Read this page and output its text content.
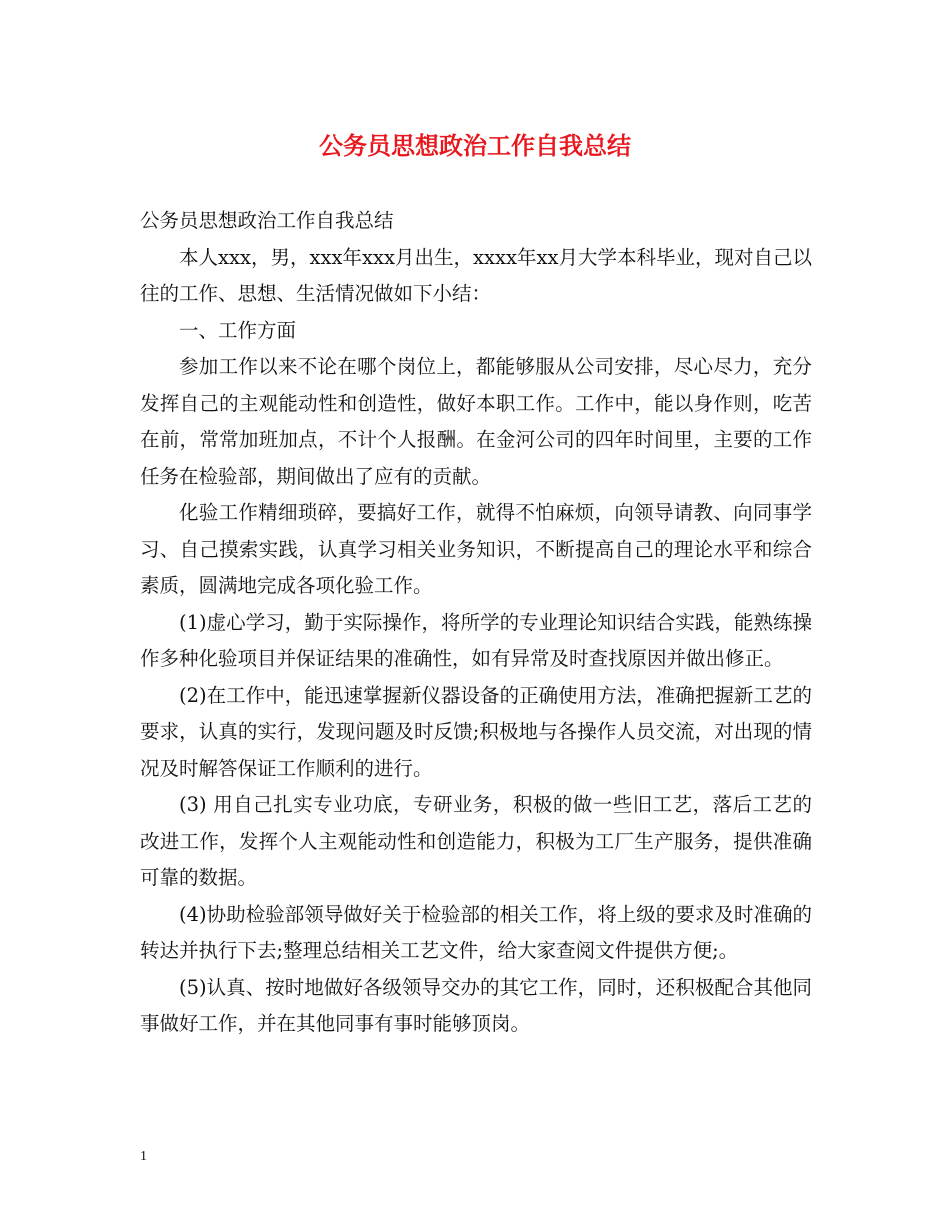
公务员思想政治工作自我总结

公务员思想政治工作自我总结

本人xxx，男，xxx年xxx月出生，xxxx年xx月大学本科毕业，现对自己以往的工作、思想、生活情况做如下小结：

一、工作方面

参加工作以来不论在哪个岗位上，都能够服从公司安排，尽心尽力，充分发挥自己的主观能动性和创造性，做好本职工作。工作中，能以身作则，吃苦在前，常常加班加点，不计个人报酬。在金河公司的四年时间里，主要的工作任务在检验部，期间做出了应有的贡献。

化验工作精细琐碎，要搞好工作，就得不怕麻烦，向领导请教、向同事学习、自己摸索实践，认真学习相关业务知识，不断提高自己的理论水平和综合素质，圆满地完成各项化验工作。

(1)虚心学习，勤于实际操作，将所学的专业理论知识结合实践，能熟练操作多种化验项目并保证结果的准确性，如有异常及时查找原因并做出修正。

(2)在工作中，能迅速掌握新仪器设备的正确使用方法，准确把握新工艺的要求，认真的实行，发现问题及时反馈;积极地与各操作人员交流，对出现的情况及时解答保证工作顺利的进行。

(3) 用自己扎实专业功底，专研业务，积极的做一些旧工艺，落后工艺的改进工作，发挥个人主观能动性和创造能力，积极为工厂生产服务，提供准确可靠的数据。

(4)协助检验部领导做好关于检验部的相关工作，将上级的要求及时准确的转达并执行下去;整理总结相关工艺文件，给大家查阅文件提供方便;。

(5)认真、按时地做好各级领导交办的其它工作，同时，还积极配合其他同事做好工作，并在其他同事有事时能够顶岗。

1
